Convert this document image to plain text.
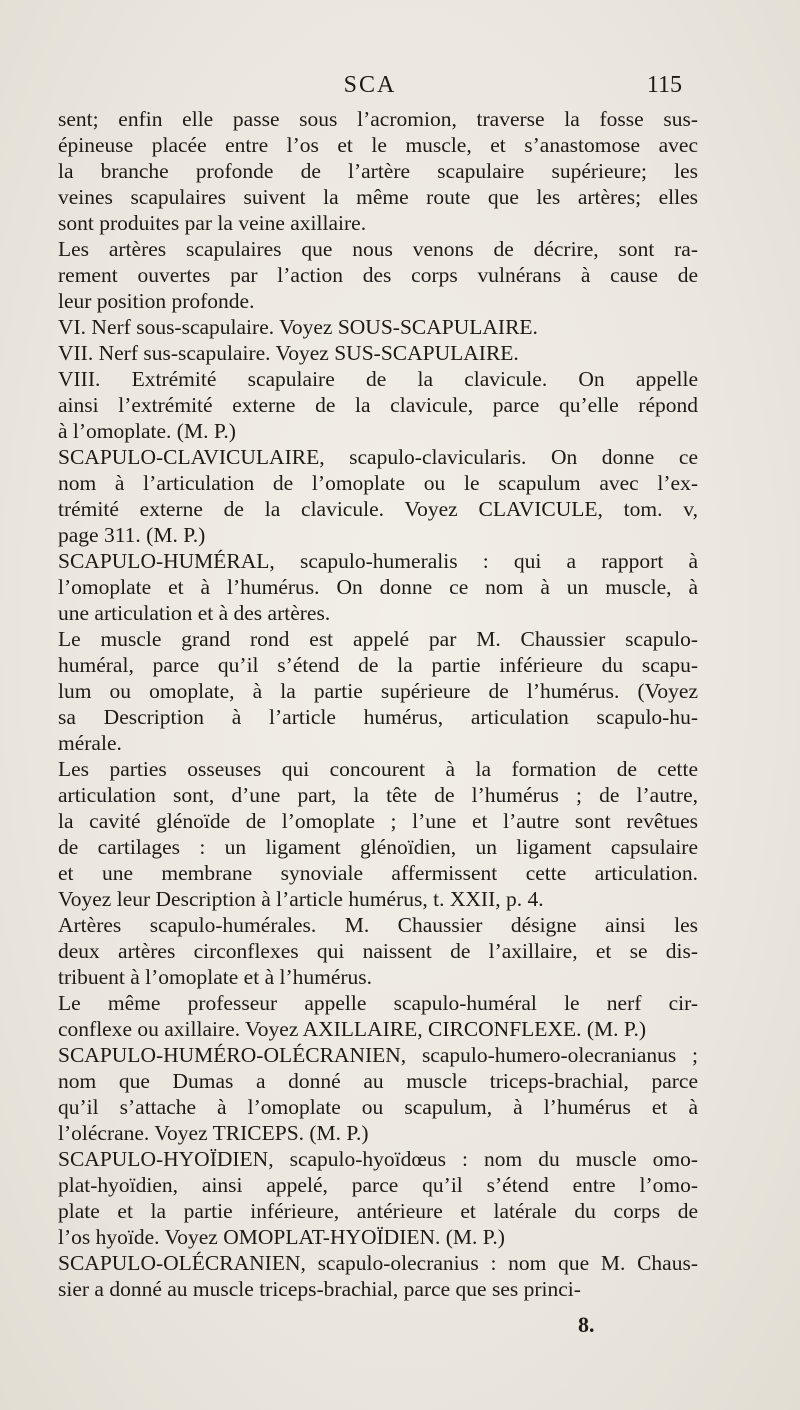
SCA	115
sent; enfin elle passe sous l’acromion, traverse la fosse sus-
épineuse placée entre l’os et le muscle, et s’anastomose avec
la branche profonde de l’artère scapulaire supérieure; les
veines scapulaires suivent la même route que les artères; elles
sont produites par la veine axillaire.
Les artères scapulaires que nous venons de décrire, sont ra-
rement ouvertes par l’action des corps vulnérans à cause de
leur position profonde.
VI. Nerf sous-scapulaire. Voyez SOUS-SCAPULAIRE.
VII. Nerf sus-scapulaire. Voyez SUS-SCAPULAIRE.
VIII. Extrémité scapulaire de la clavicule. On appelle
ainsi l’extrémité externe de la clavicule, parce qu’elle répond
à l’omoplate. (M. P.)
SCAPULO-CLAVICULAIRE, scapulo-clavicularis. On donne ce
nom à l’articulation de l’omoplate ou le scapulum avec l’ex-
trémité externe de la clavicule. Voyez CLAVICULE, tom. v,
page 311. (M. P.)
SCAPULO-HUMÉRAL, scapulo-humeralis : qui a rapport à
l’omoplate et à l’humérus. On donne ce nom à un muscle, à
une articulation et à des artères.
Le muscle grand rond est appelé par M. Chaussier scapulo-
huméral, parce qu’il s’étend de la partie inférieure du scapu-
lum ou omoplate, à la partie supérieure de l’humérus. (Voyez
sa Description à l’article humérus, articulation scapulo-hu-
mérale.
Les parties osseuses qui concourent à la formation de cette
articulation sont, d’une part, la tête de l’humérus ; de l’autre,
la cavité glénoïde de l’omoplate ; l’une et l’autre sont revêtues
de cartilages : un ligament glénoïdien, un ligament capsulaire
et une membrane synoviale affermissent cette articulation.
Voyez leur Description à l’article humérus, t. XXII, p. 4.
Artères scapulo-humérales. M. Chaussier désigne ainsi les
deux artères circonflexes qui naissent de l’axillaire, et se dis-
tribuent à l’omoplate et à l’humérus.
Le même professeur appelle scapulo-huméral le nerf cir-
conflexe ou axillaire. Voyez AXILLAIRE, CIRCONFLEXE. (M. P.)
SCAPULO-HUMÉRO-OLÉCRANIEN, scapulo-humero-olecranianus ;
nom que Dumas a donné au muscle triceps-brachial, parce
qu’il s’attache à l’omoplate ou scapulum, à l’humérus et à
l’olécrane. Voyez TRICEPS. (M. P.)
SCAPULO-HYOÏDIEN, scapulo-hyoïdœus : nom du muscle omo-
plat-hyoïdien, ainsi appelé, parce qu’il s’étend entre l’omo-
plate et la partie inférieure, antérieure et latérale du corps de
l’os hyoïde. Voyez OMOPLAT-HYOÏDIEN. (M. P.)
SCAPULO-OLÉCRANIEN, scapulo-olecranius : nom que M. Chaus-
sier a donné au muscle triceps-brachial, parce que ses princi-
8.
